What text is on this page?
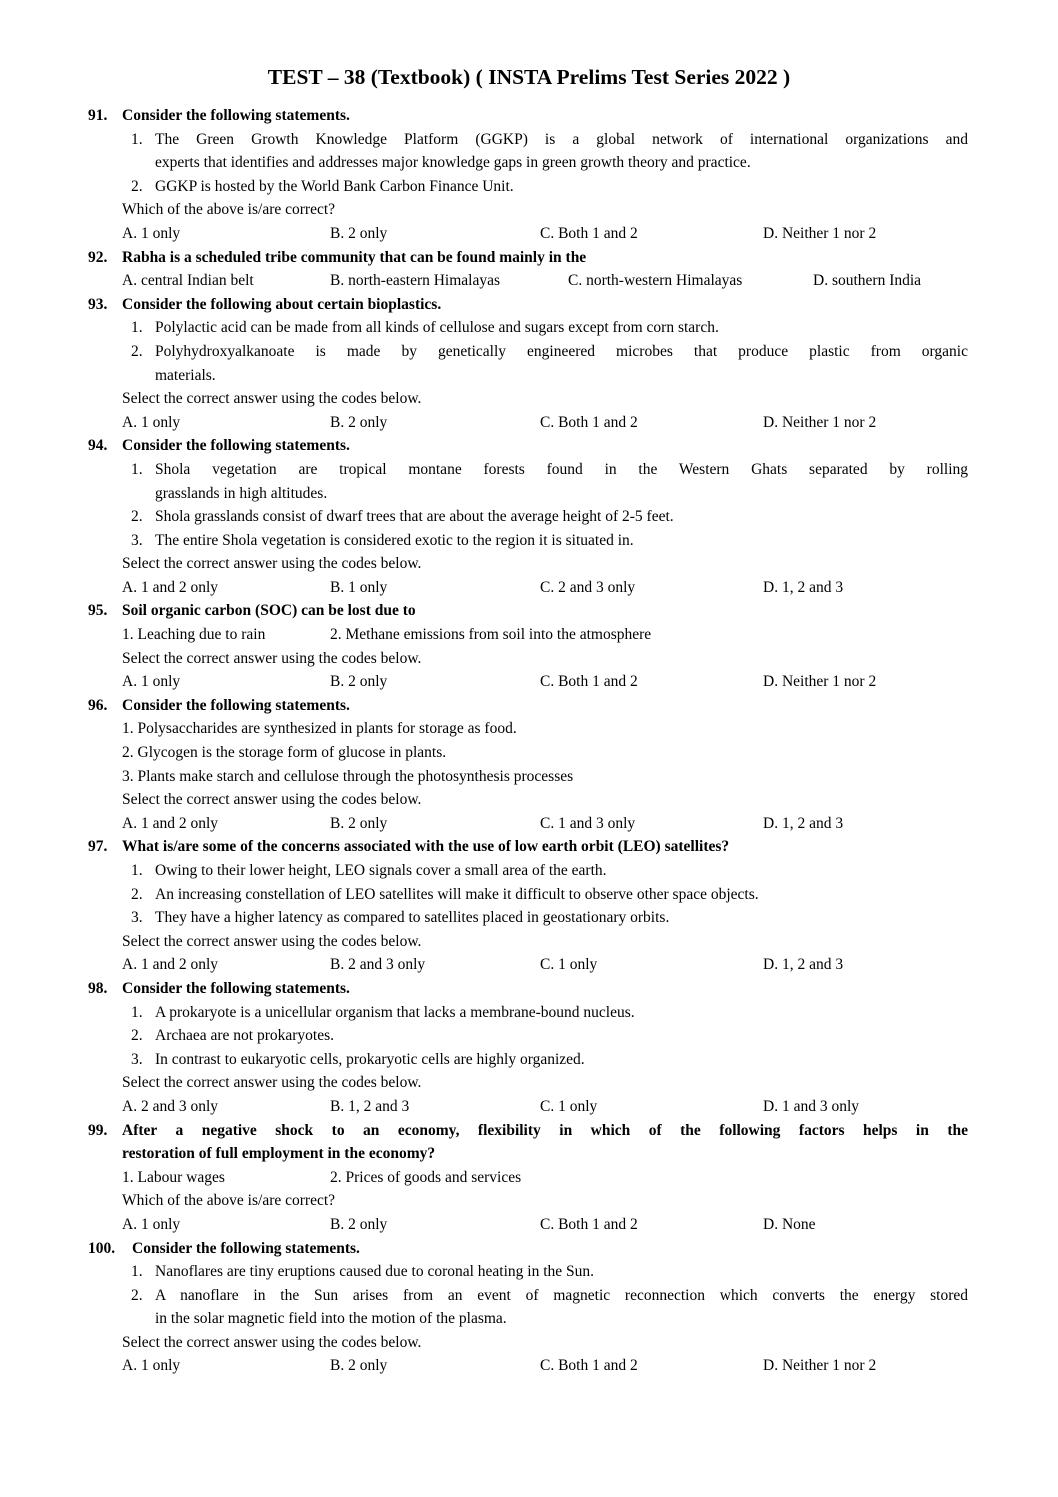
TEST – 38 (Textbook) ( INSTA Prelims Test Series 2022 )
91. Consider the following statements.
1. The Green Growth Knowledge Platform (GGKP) is a global network of international organizations and
experts that identifies and addresses major knowledge gaps in green growth theory and practice.
2. GGKP is hosted by the World Bank Carbon Finance Unit.
Which of the above is/are correct?
A. 1 only	B. 2 only	C. Both 1 and 2	D. Neither 1 nor 2
92. Rabha is a scheduled tribe community that can be found mainly in the
A. central Indian belt	B. north-eastern Himalayas	C. north-western Himalayas	D. southern India
93. Consider the following about certain bioplastics.
1. Polylactic acid can be made from all kinds of cellulose and sugars except from corn starch.
2. Polyhydroxyalkanoate is made by genetically engineered microbes that produce plastic from organic
materials.
Select the correct answer using the codes below.
A. 1 only	B. 2 only	C. Both 1 and 2	D. Neither 1 nor 2
94. Consider the following statements.
1. Shola vegetation are tropical montane forests found in the Western Ghats separated by rolling
grasslands in high altitudes.
2. Shola grasslands consist of dwarf trees that are about the average height of 2-5 feet.
3. The entire Shola vegetation is considered exotic to the region it is situated in.
Select the correct answer using the codes below.
A. 1 and 2 only	B. 1 only	C. 2 and 3 only	D. 1, 2 and 3
95. Soil organic carbon (SOC) can be lost due to
1. Leaching due to rain	2. Methane emissions from soil into the atmosphere
Select the correct answer using the codes below.
A. 1 only	B. 2 only	C. Both 1 and 2	D. Neither 1 nor 2
96. Consider the following statements.
1. Polysaccharides are synthesized in plants for storage as food.
2. Glycogen is the storage form of glucose in plants.
3. Plants make starch and cellulose through the photosynthesis processes
Select the correct answer using the codes below.
A. 1 and 2 only	B. 2 only	C. 1 and 3 only	D. 1, 2 and 3
97. What is/are some of the concerns associated with the use of low earth orbit (LEO) satellites?
1. Owing to their lower height, LEO signals cover a small area of the earth.
2. An increasing constellation of LEO satellites will make it difficult to observe other space objects.
3. They have a higher latency as compared to satellites placed in geostationary orbits.
Select the correct answer using the codes below.
A. 1 and 2 only	B. 2 and 3 only	C. 1 only	D. 1, 2 and 3
98. Consider the following statements.
1. A prokaryote is a unicellular organism that lacks a membrane-bound nucleus.
2. Archaea are not prokaryotes.
3. In contrast to eukaryotic cells, prokaryotic cells are highly organized.
Select the correct answer using the codes below.
A. 2 and 3 only	B. 1, 2 and 3	C. 1 only	D. 1 and 3 only
99. After a negative shock to an economy, flexibility in which of the following factors helps in the
restoration of full employment in the economy?
1. Labour wages	2. Prices of goods and services
Which of the above is/are correct?
A. 1 only	B. 2 only	C. Both 1 and 2	D. None
100. Consider the following statements.
1. Nanoflares are tiny eruptions caused due to coronal heating in the Sun.
2. A nanoflare in the Sun arises from an event of magnetic reconnection which converts the energy stored
in the solar magnetic field into the motion of the plasma.
Select the correct answer using the codes below.
A. 1 only	B. 2 only	C. Both 1 and 2	D. Neither 1 nor 2
